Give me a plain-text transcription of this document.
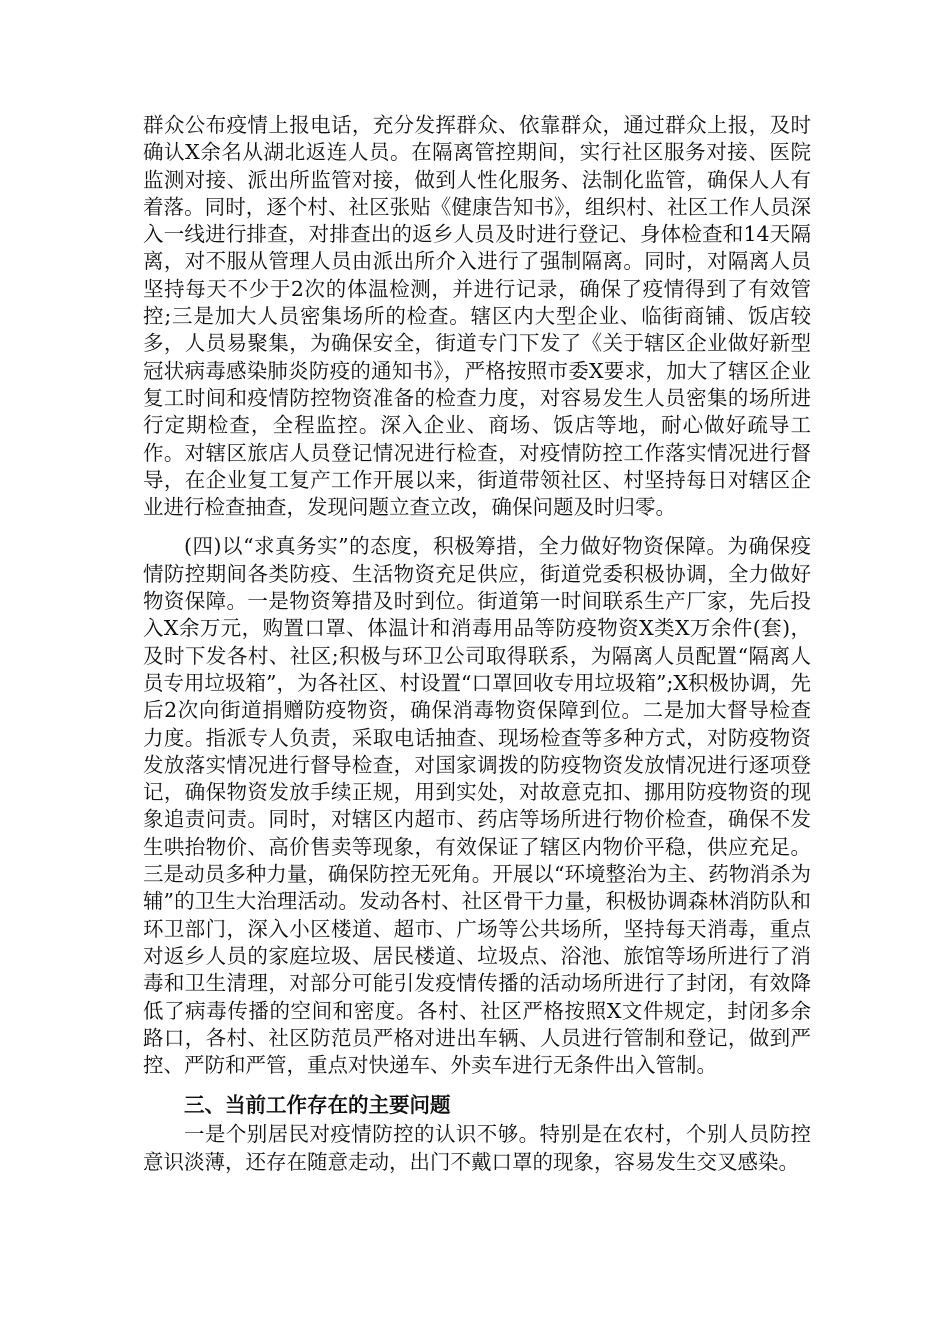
群众公布疫情上报电话，充分发挥群众、依靠群众，通过群众上报，及时确认X余名从湖北返连人员。在隔离管控期间，实行社区服务对接、医院监测对接、派出所监管对接，做到人性化服务、法制化监管，确保人人有着落。同时，逐个村、社区张贴《健康告知书》，组织村、社区工作人员深入一线进行排查，对排查出的返乡人员及时进行登记、身体检查和14天隔离，对不服从管理人员由派出所介入进行了强制隔离。同时，对隔离人员坚持每天不少于2次的体温检测，并进行记录，确保了疫情得到了有效管控;三是加大人员密集场所的检查。辖区内大型企业、临街商铺、饭店较多，人员易聚集，为确保安全，街道专门下发了《关于辖区企业做好新型冠状病毒感染肺炎防疫的通知书》，严格按照市委X要求，加大了辖区企业复工时间和疫情防控物资准备的检查力度，对容易发生人员密集的场所进行定期检查，全程监控。深入企业、商场、饭店等地，耐心做好疏导工作。对辖区旅店人员登记情况进行检查，对疫情防控工作落实情况进行督导，在企业复工复产工作开展以来，街道带领社区、村坚持每日对辖区企业进行检查抽查，发现问题立查立改，确保问题及时归零。

(四)以“求真务实”的态度，积极筹措，全力做好物资保障。为确保疫情防控期间各类防疫、生活物资充足供应，街道党委积极协调，全力做好物资保障。一是物资筹措及时到位。街道第一时间联系生产厂家，先后投入X余万元，购置口罩、体温计和消毒用品等防疫物资X类X万余件(套)，及时下发各村、社区;积极与环卫公司取得联系，为隔离人员配置“隔离人员专用垃圾箱”，为各社区、村设置“口罩回收专用垃圾箱”;X积极协调，先后2次向街道捐赠防疫物资，确保消毒物资保障到位。二是加大督导检查力度。指派专人负责，采取电话抽查、现场检查等多种方式，对防疫物资发放落实情况进行督导检查，对国家调拨的防疫物资发放情况进行逐项登记，确保物资发放手续正规，用到实处，对故意克扣、挪用防疫物资的现象追责问责。同时，对辖区内超市、药店等场所进行物价检查，确保不发生哄抬物价、高价售卖等现象，有效保证了辖区内物价平稳，供应充足。三是动员多种力量，确保防控无死角。开展以“环境整治为主、药物消杀为辅”的卫生大治理活动。发动各村、社区骨干力量，积极协调森林消防队和环卫部门，深入小区楼道、超市、广场等公共场所，坚持每天消毒，重点对返乡人员的家庭垃圾、居民楼道、垃圾点、浴池、旅馆等场所进行了消毒和卫生清理，对部分可能引发疫情传播的活动场所进行了封闭，有效降低了病毒传播的空间和密度。各村、社区严格按照X文件规定，封闭多余路口，各村、社区防范员严格对进出车辆、人员进行管制和登记，做到严控、严防和严管，重点对快递车、外卖车进行无条件出入管制。

三、当前工作存在的主要问题

一是个别居民对疫情防控的认识不够。特别是在农村，个别人员防控意识淡薄，还存在随意走动，出门不戴口罩的现象，容易发生交叉感染。
